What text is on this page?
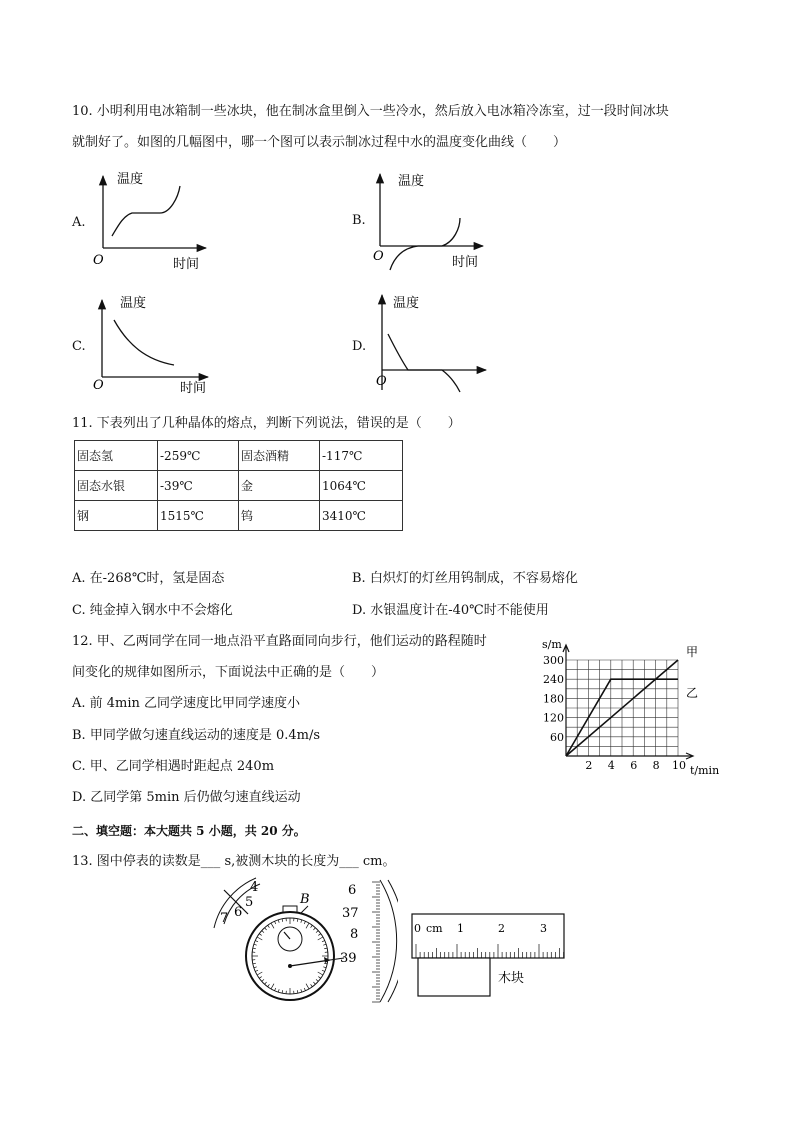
10. 小明利用电冰箱制一些冰块，他在制冰盒里倒入一些冷水，然后放入电冰箱冷冻室，过一段时间冰块
就制好了。如图的几幅图中，哪一个图可以表示制冰过程中水的温度变化曲线（　　）
A.
温度
时间
O
B.
温度
时间
O
C.
温度
时间
O
D.
温度
O
11. 下表列出了几种晶体的熔点，判断下列说法，错误的是（　　）
固态氢	-259℃	固态酒精	-117℃
固态水银	-39℃	金	1064℃
钢	1515℃	钨	3410℃
A. 在-268℃时，氢是固态	B. 白炽灯的灯丝用钨制成，不容易熔化
C. 纯金掉入钢水中不会熔化	D. 水银温度计在-40℃时不能使用
12. 甲、乙两同学在同一地点沿平直路面同向步行，他们运动的路程随时
间变化的规律如图所示，下面说法中正确的是（　　）
A. 前 4min 乙同学速度比甲同学速度小
B. 甲同学做匀速直线运动的速度是 0.4m/s
C. 甲、乙同学相遇时距起点 240m
D. 乙同学第 5min 后仍做匀速直线运动
2 4 6 8 10
60
120
180
240
300
甲
乙
s/m
t/min
二、填空题：本大题共 5 小题，共 20 分。
13. 图中停表的读数是___ s,被测木块的长度为___ cm。
4
5
6
7
B
6
37
8
39
0 cm 1	2	3
木块
